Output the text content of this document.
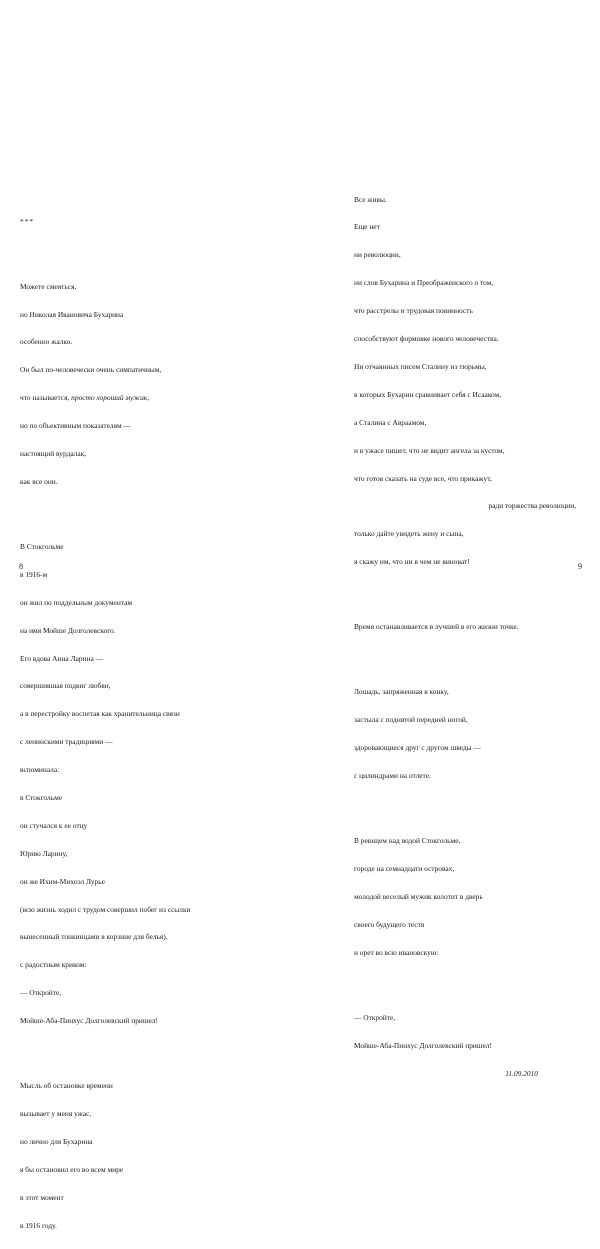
***

Можете смеяться,

но Николая Ивановича Бухарина

особенно жалко.

Он был по-человечески очень симпатичным,

что называется, просто хороший мужик,

но по объективным показателям —

настоящий вурдалак,

как все они.

В Стокгольме

в 1916-м

он жил по поддельным документам

на имя Мойше Долголевского.

Его вдова Анна Ларина —

совершившая подвиг любви,

а в перестройку воспетая как хранительница связи

с ленинскими традициями —

вспоминала:

в Стокгольме

он стучался к ее отцу

Юрию Ларину,

он же Ихим-Михоэл Лурье

(всю жизнь ходил с трудом совершил побег из ссылки

вынесенный тонкинцами в корзине для белья),

с радостным криком:

— Откройте,

Мойше-Аба-Пинхус Долголевский пришел!

Мысль об остановке времени

вызывает у меня ужас,

но лично для Бухарина

я бы остановил его во всем мире

в этот момент

в 1916 году.

8

Все живы.

Еще нет

ни революции,

ни слов Бухарина и Преображенского о том,

что расстрелы и трудовая повинность

способствуют формовке нового человечества.

Ни отчаянных писем Сталину из тюрьмы,

в которых Бухарин сравнивает себя с Исааком,

а Сталина с Авраамом,

и в ужасе пишет, что не видит ангела за кустом,

что готов сказать на суде все, что прикажут,

ради торжества революции,

только дайте увидеть жену и сына,

я скажу им, что ни в чем не виноват!

Время останавливается в лучшей в его жизни точке.

Лошадь, запряженная в конку,

застыла с поднятой передней ногой,

здоровающиеся друг с другом шведы —

с цилиндрами на отлете.

В реющем над водой Стокгольме,

городе на семнадцати островах,

молодой веселый мужик колотит в дверь

своего будущего тестя

и орет во всю ивановскую:

— Откройте,

Мойше-Аба-Пинхус Долголевский пришел!

11.09.2010

9
